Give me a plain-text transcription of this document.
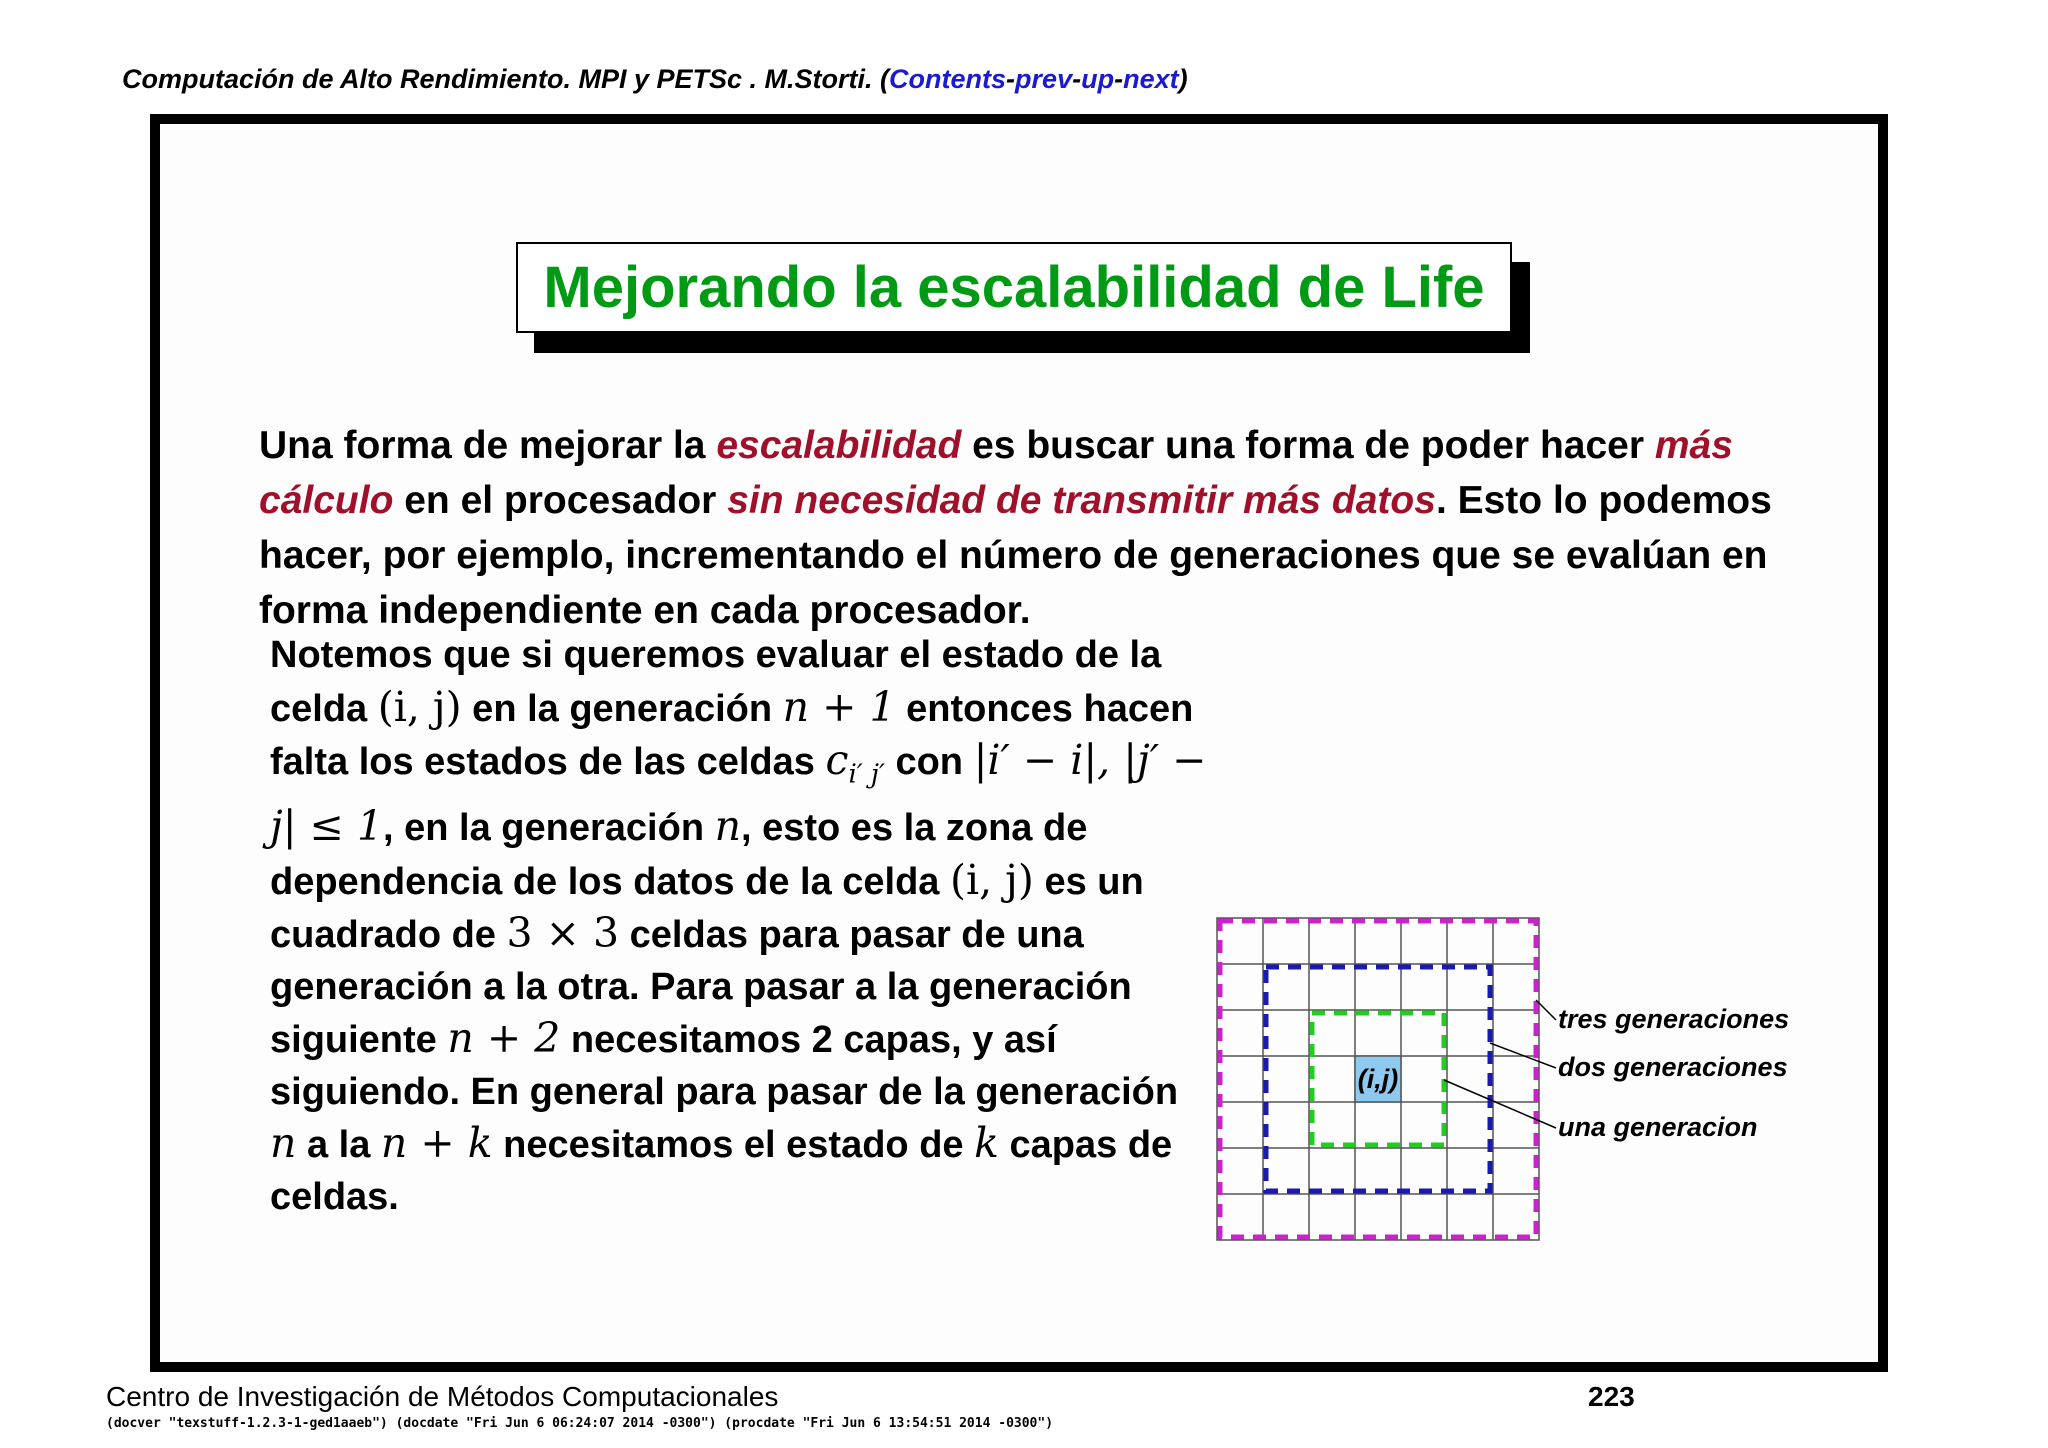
Computación de Alto Rendimiento. MPI y PETSc . M.Storti. (Contents-prev-up-next)
Mejorando la escalabilidad de Life
Una forma de mejorar la escalabilidad es buscar una forma de poder hacer más cálculo en el procesador sin necesidad de transmitir más datos. Esto lo podemos hacer, por ejemplo, incrementando el número de generaciones que se evalúan en forma independiente en cada procesador.
Notemos que si queremos evaluar el estado de la celda (i, j) en la generación n + 1 entonces hacen falta los estados de las celdas $c_{i' j'}$ con |i′ − i|, |j′ − j| ≤ 1, en la generación n, esto es la zona de dependencia de los datos de la celda (i, j) es un cuadrado de 3 × 3 celdas para pasar de una generación a la otra. Para pasar a la generación siguiente n + 2 necesitamos 2 capas, y así siguiendo. En general para pasar de la generación n a la n + k necesitamos el estado de k capas de celdas.
(i,j)
tres generaciones
dos generaciones
una generacion
Centro de Investigación de Métodos Computacionales	223
(docver "texstuff-1.2.3-1-ged1aaeb") (docdate "Fri Jun 6 06:24:07 2014 -0300") (procdate "Fri Jun 6 13:54:51 2014 -0300")
